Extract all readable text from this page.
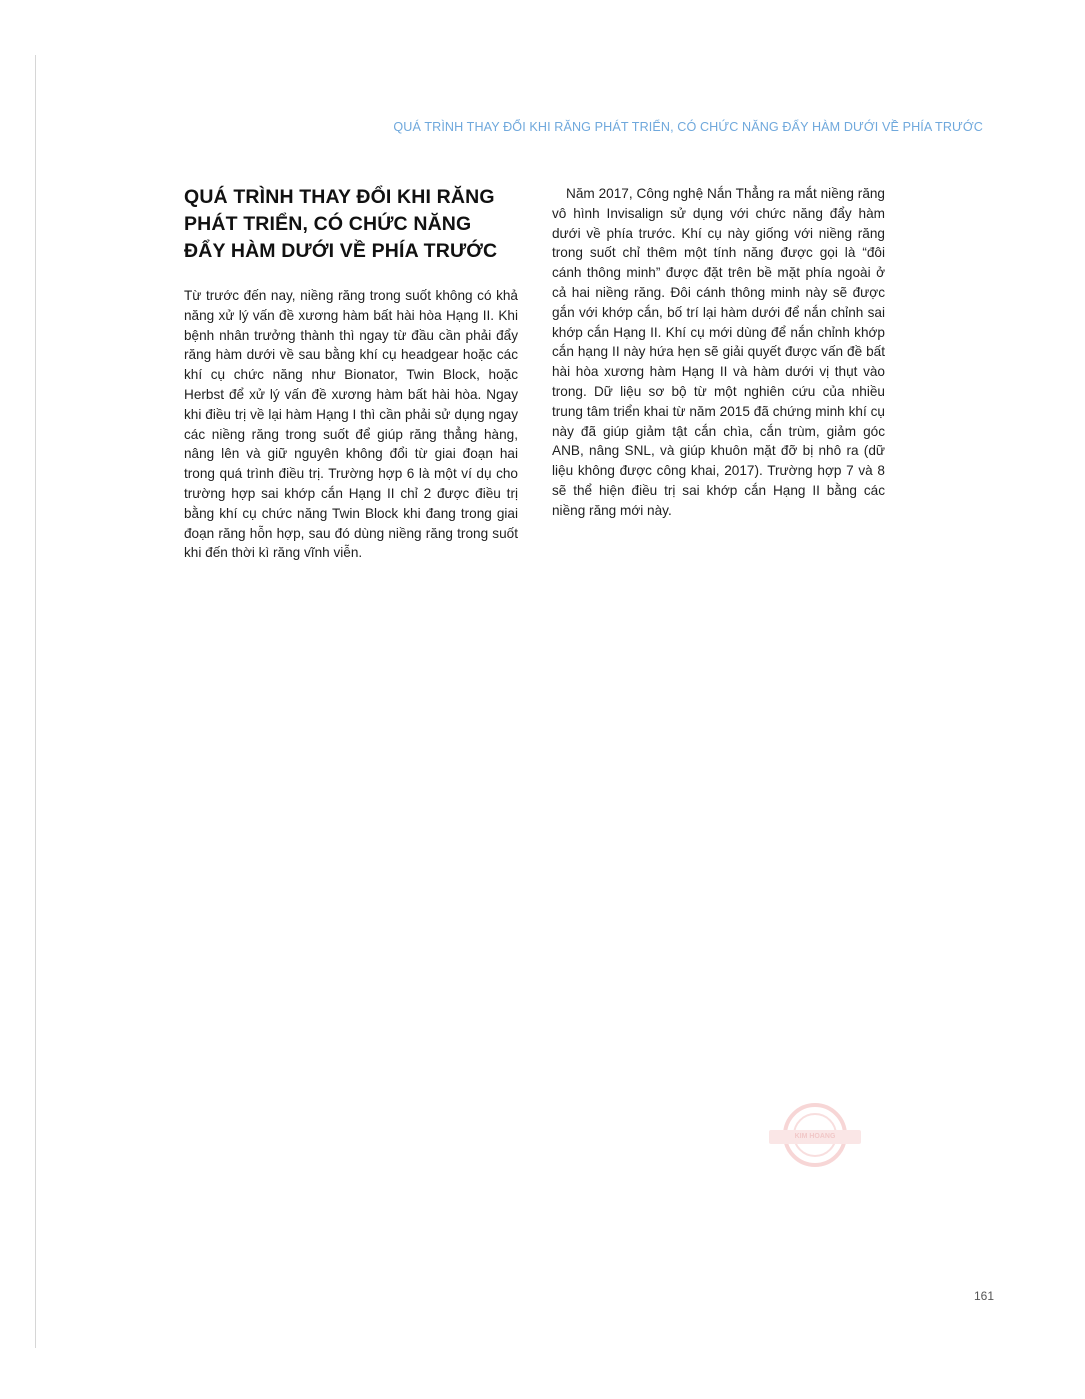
QUÁ TRÌNH THAY ĐỔI KHI RĂNG PHÁT TRIỂN, CÓ CHỨC NĂNG ĐẨY HÀM DƯỚI VỀ PHÍA TRƯỚC
QUÁ TRÌNH THAY ĐỔI KHI RĂNG
PHÁT TRIỂN, CÓ CHỨC NĂNG
ĐẨY HÀM DƯỚI VỀ PHÍA TRƯỚC

Từ trước đến nay, niềng răng trong suốt không có khả năng xử lý vấn đề xương hàm bất hài hòa Hạng II. Khi bệnh nhân trưởng thành thì ngay từ đầu cần phải đẩy răng hàm dưới về sau bằng khí cụ headgear hoặc các khí cụ chức năng như Bionator, Twin Block, hoặc Herbst để xử lý vấn đề xương hàm bất hài hòa. Ngay khi điều trị về lại hàm Hạng I thì cần phải sử dụng ngay các niềng răng trong suốt để giúp răng thẳng hàng, nâng lên và giữ nguyên không đổi từ giai đoạn hai trong quá trình điều trị. Trường hợp 6 là một ví dụ cho trường hợp sai khớp cắn Hạng II chỉ 2 được điều trị bằng khí cụ chức năng Twin Block khi đang trong giai đoạn răng hỗn hợp, sau đó dùng niềng răng trong suốt khi đến thời kì răng vĩnh viễn.

Năm 2017, Công nghệ Nắn Thẳng ra mắt niềng răng vô hình Invisalign sử dụng với chức năng đẩy hàm dưới về phía trước. Khí cụ này giống với niềng răng trong suốt chỉ thêm một tính năng được gọi là “đôi cánh thông minh” được đặt trên bề mặt phía ngoài ở cả hai niềng răng. Đôi cánh thông minh này sẽ được gắn với khớp cắn, bố trí lại hàm dưới để nắn chỉnh sai khớp cắn Hạng II. Khí cụ mới dùng để nắn chỉnh khớp cắn hạng II này hứa hẹn sẽ giải quyết được vấn đề bất hài hòa xương hàm Hạng II và hàm dưới vị thụt vào trong. Dữ liệu sơ bộ từ một nghiên cứu của nhiều trung tâm triển khai từ năm 2015 đã chứng minh khí cụ này đã giúp giảm tật cắn chìa, cắn trùm, giảm góc ANB, nâng SNL, và giúp khuôn mặt đỡ bị nhô ra (dữ liệu không được công khai, 2017). Trường hợp 7 và 8 sẽ thể hiện điều trị sai khớp cắn Hạng II bằng các niềng răng mới này.

KIM HOANG
161
